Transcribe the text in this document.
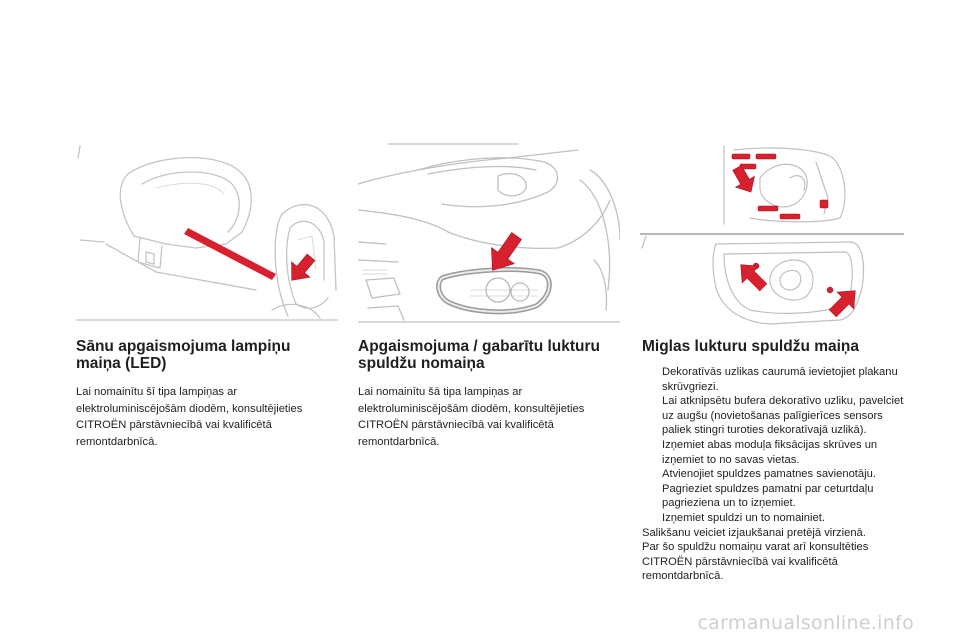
Sānu apgaismojuma lampiņu maiņa (LED)

Lai nomainītu šī tipa lampiņas ar elektroluminiscējošām diodēm, konsultējieties CITROËN pārstāvniecībā vai kvalificētā remontdarbnīcā.

Apgaismojuma / gabarītu lukturu spuldžu nomaiņa

Lai nomainītu šā tipa lampiņas ar elektroluminiscējošām diodēm, konsultējieties CITROËN pārstāvniecībā vai kvalificētā remontdarbnīcā.

Miglas lukturu spuldžu maiņa
Dekoratīvās uzlikas caurumā ievietojiet plakanu skrūvgriezi.
Lai atknipsētu bufera dekoratīvo uzliku, pavelciet uz augšu (novietošanas palīgierīces sensors paliek stingri turoties dekoratīvajā uzlikā).
Izņemiet abas moduļa fiksācijas skrūves un izņemiet to no savas vietas.
Atvienojiet spuldzes pamatnes savienotāju.
Pagrieziet spuldzes pamatni par ceturtdaļu pagrieziena un to izņemiet.
Izņemiet spuldzi un to nomainiet.

Salikšanu veiciet izjaukšanai pretējā virzienā.

Par šo spuldžu nomaiņu varat arī konsultēties CITROËN pārstāvniecībā vai kvalificētā remontdarbnīcā.

carmanualsonline.info
